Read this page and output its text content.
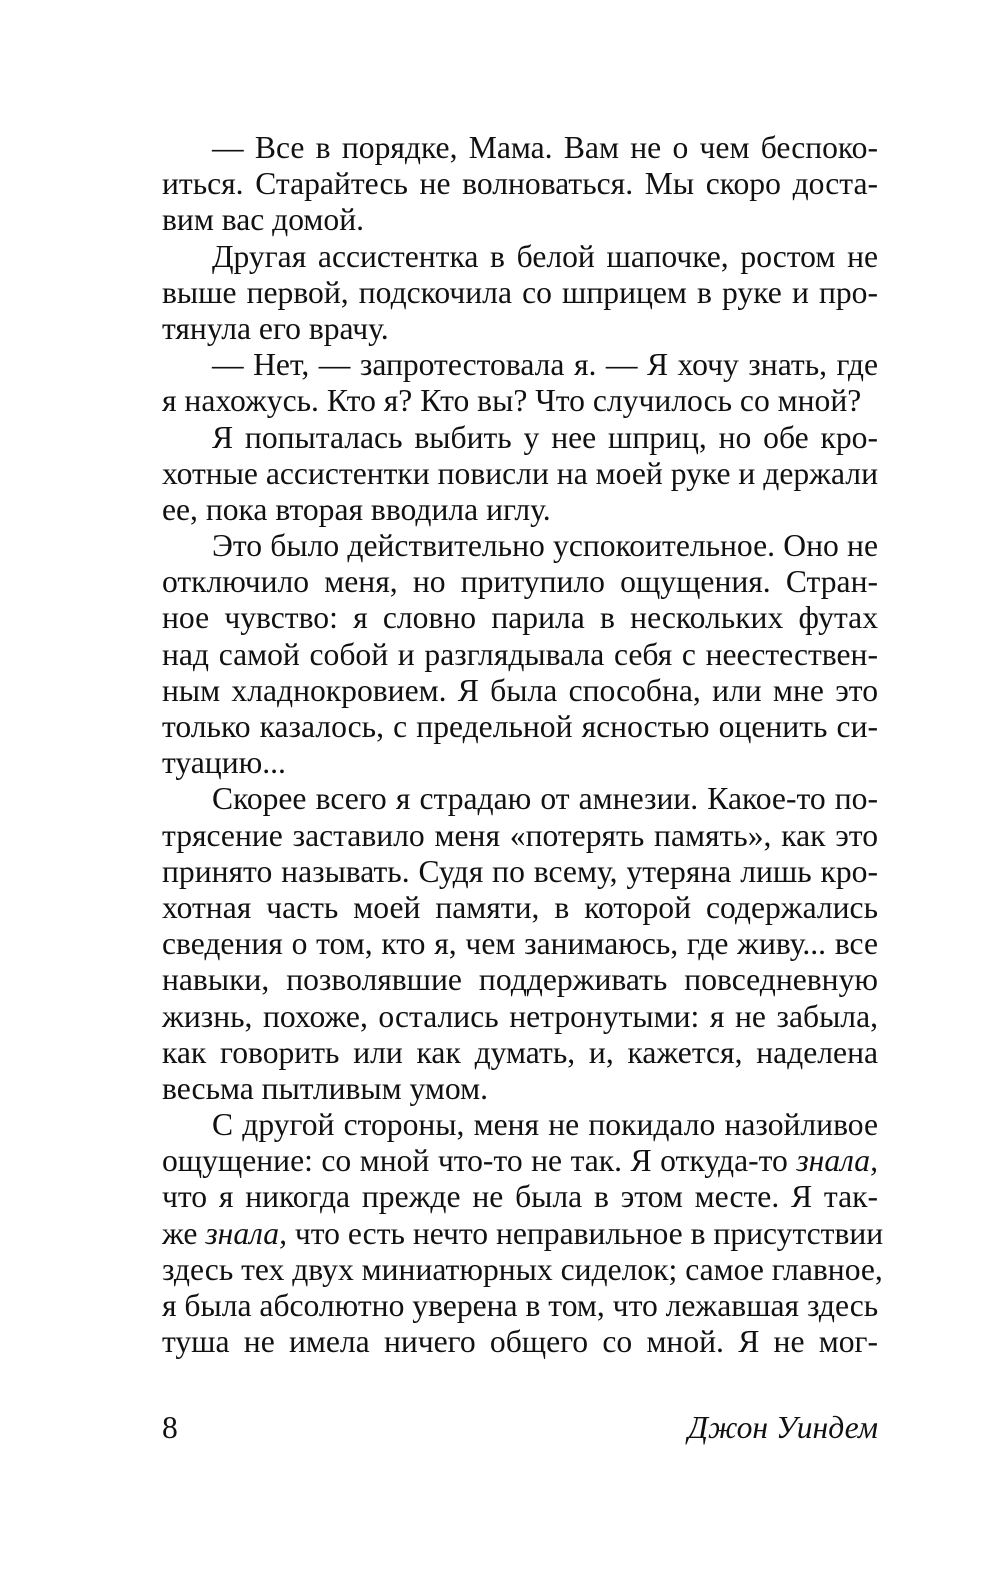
— Все в порядке, Мама. Вам не о чем беспоко-
иться. Старайтесь не волноваться. Мы скоро доста-
вим вас домой.
Другая ассистентка в белой шапочке, ростом не
выше первой, подскочила со шприцем в руке и про-
тянула его врачу.
— Нет, — запротестовала я. — Я хочу знать, где
я нахожусь. Кто я? Кто вы? Что случилось со мной?
Я попыталась выбить у нее шприц, но обе кро-
хотные ассистентки повисли на моей руке и держали
ее, пока вторая вводила иглу.
Это было действительно успокоительное. Оно не
отключило меня, но притупило ощущения. Стран-
ное чувство: я словно парила в нескольких футах
над самой собой и разглядывала себя с неестествен-
ным хладнокровием. Я была способна, или мне это
только казалось, с предельной ясностью оценить си-
туацию...
Скорее всего я страдаю от амнезии. Какое-то по-
трясение заставило меня «потерять память», как это
принято называть. Судя по всему, утеряна лишь кро-
хотная часть моей памяти, в которой содержались
сведения о том, кто я, чем занимаюсь, где живу... все
навыки, позволявшие поддерживать повседневную
жизнь, похоже, остались нетронутыми: я не забыла,
как говорить или как думать, и, кажется, наделена
весьма пытливым умом.
С другой стороны, меня не покидало назойливое
ощущение: со мной что-то не так. Я откуда-то знала,
что я никогда прежде не была в этом месте. Я так-
же знала, что есть нечто неправильное в присутствии
здесь тех двух миниатюрных сиделок; самое главное,
я была абсолютно уверена в том, что лежавшая здесь
туша не имела ничего общего со мной. Я не мог-
8	Джон Уиндем
